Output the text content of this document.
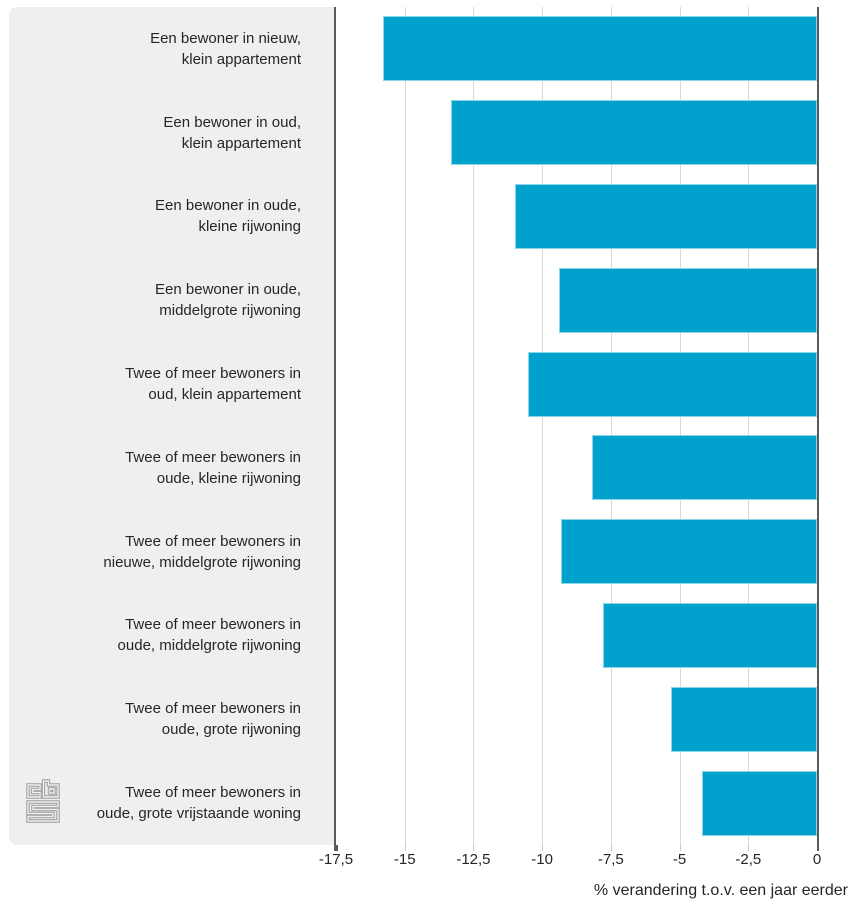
Een bewoner in nieuw,
klein appartement
Een bewoner in oud,
klein appartement
Een bewoner in oude,
kleine rijwoning
Een bewoner in oude,
middelgrote rijwoning
Twee of meer bewoners in
oud, klein appartement
Twee of meer bewoners in
oude, kleine rijwoning
Twee of meer bewoners in
nieuwe, middelgrote rijwoning
Twee of meer bewoners in
oude, middelgrote rijwoning
Twee of meer bewoners in
oude, grote rijwoning
Twee of meer bewoners in
oude, grote vrijstaande woning
-17,5	-15	-12,5	-10	-7,5	-5	-2,5	0
% verandering t.o.v. een jaar eerder
